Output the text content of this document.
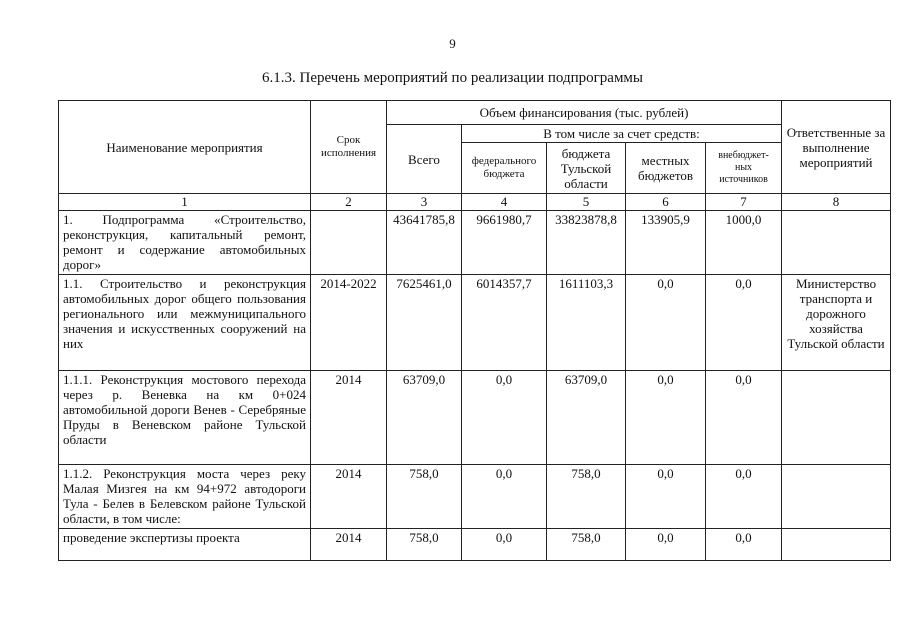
9
6.1.3. Перечень мероприятий по реализации подпрограммы
Наименование мероприятия	Срок исполнения	Объем финансирования (тыс. рублей)					Ответственные за выполнение мероприятий
		Всего	В том числе за счет средств:				
			федерального бюджета	бюджета Тульской области	местных бюджетов	внебюджет-ных источников	
1	2	3	4	5	6	7	8
1. Подпрограмма «Строительство, реконструкция, капитальный ремонт, ремонт и содержание автомобильных дорог»		43641785,8	9661980,7	33823878,8	133905,9	1000,0	
1.1. Строительство и реконструкция автомобильных дорог общего пользования регионального или межмуниципального значения и искусственных сооружений на них	2014-2022	7625461,0	6014357,7	1611103,3	0,0	0,0	Министерство транспорта и дорожного хозяйства Тульской области
1.1.1. Реконструкция мостового перехода через р. Веневка на км 0+024 автомобильной дороги Венев - Серебряные Пруды в Веневском районе Тульской области	2014	63709,0	0,0	63709,0	0,0	0,0	
1.1.2. Реконструкция моста через реку Малая Мизгея на км 94+972 автодороги Тула - Белев в Белевском районе Тульской области, в том числе:	2014	758,0	0,0	758,0	0,0	0,0	
проведение экспертизы проекта	2014	758,0	0,0	758,0	0,0	0,0	
